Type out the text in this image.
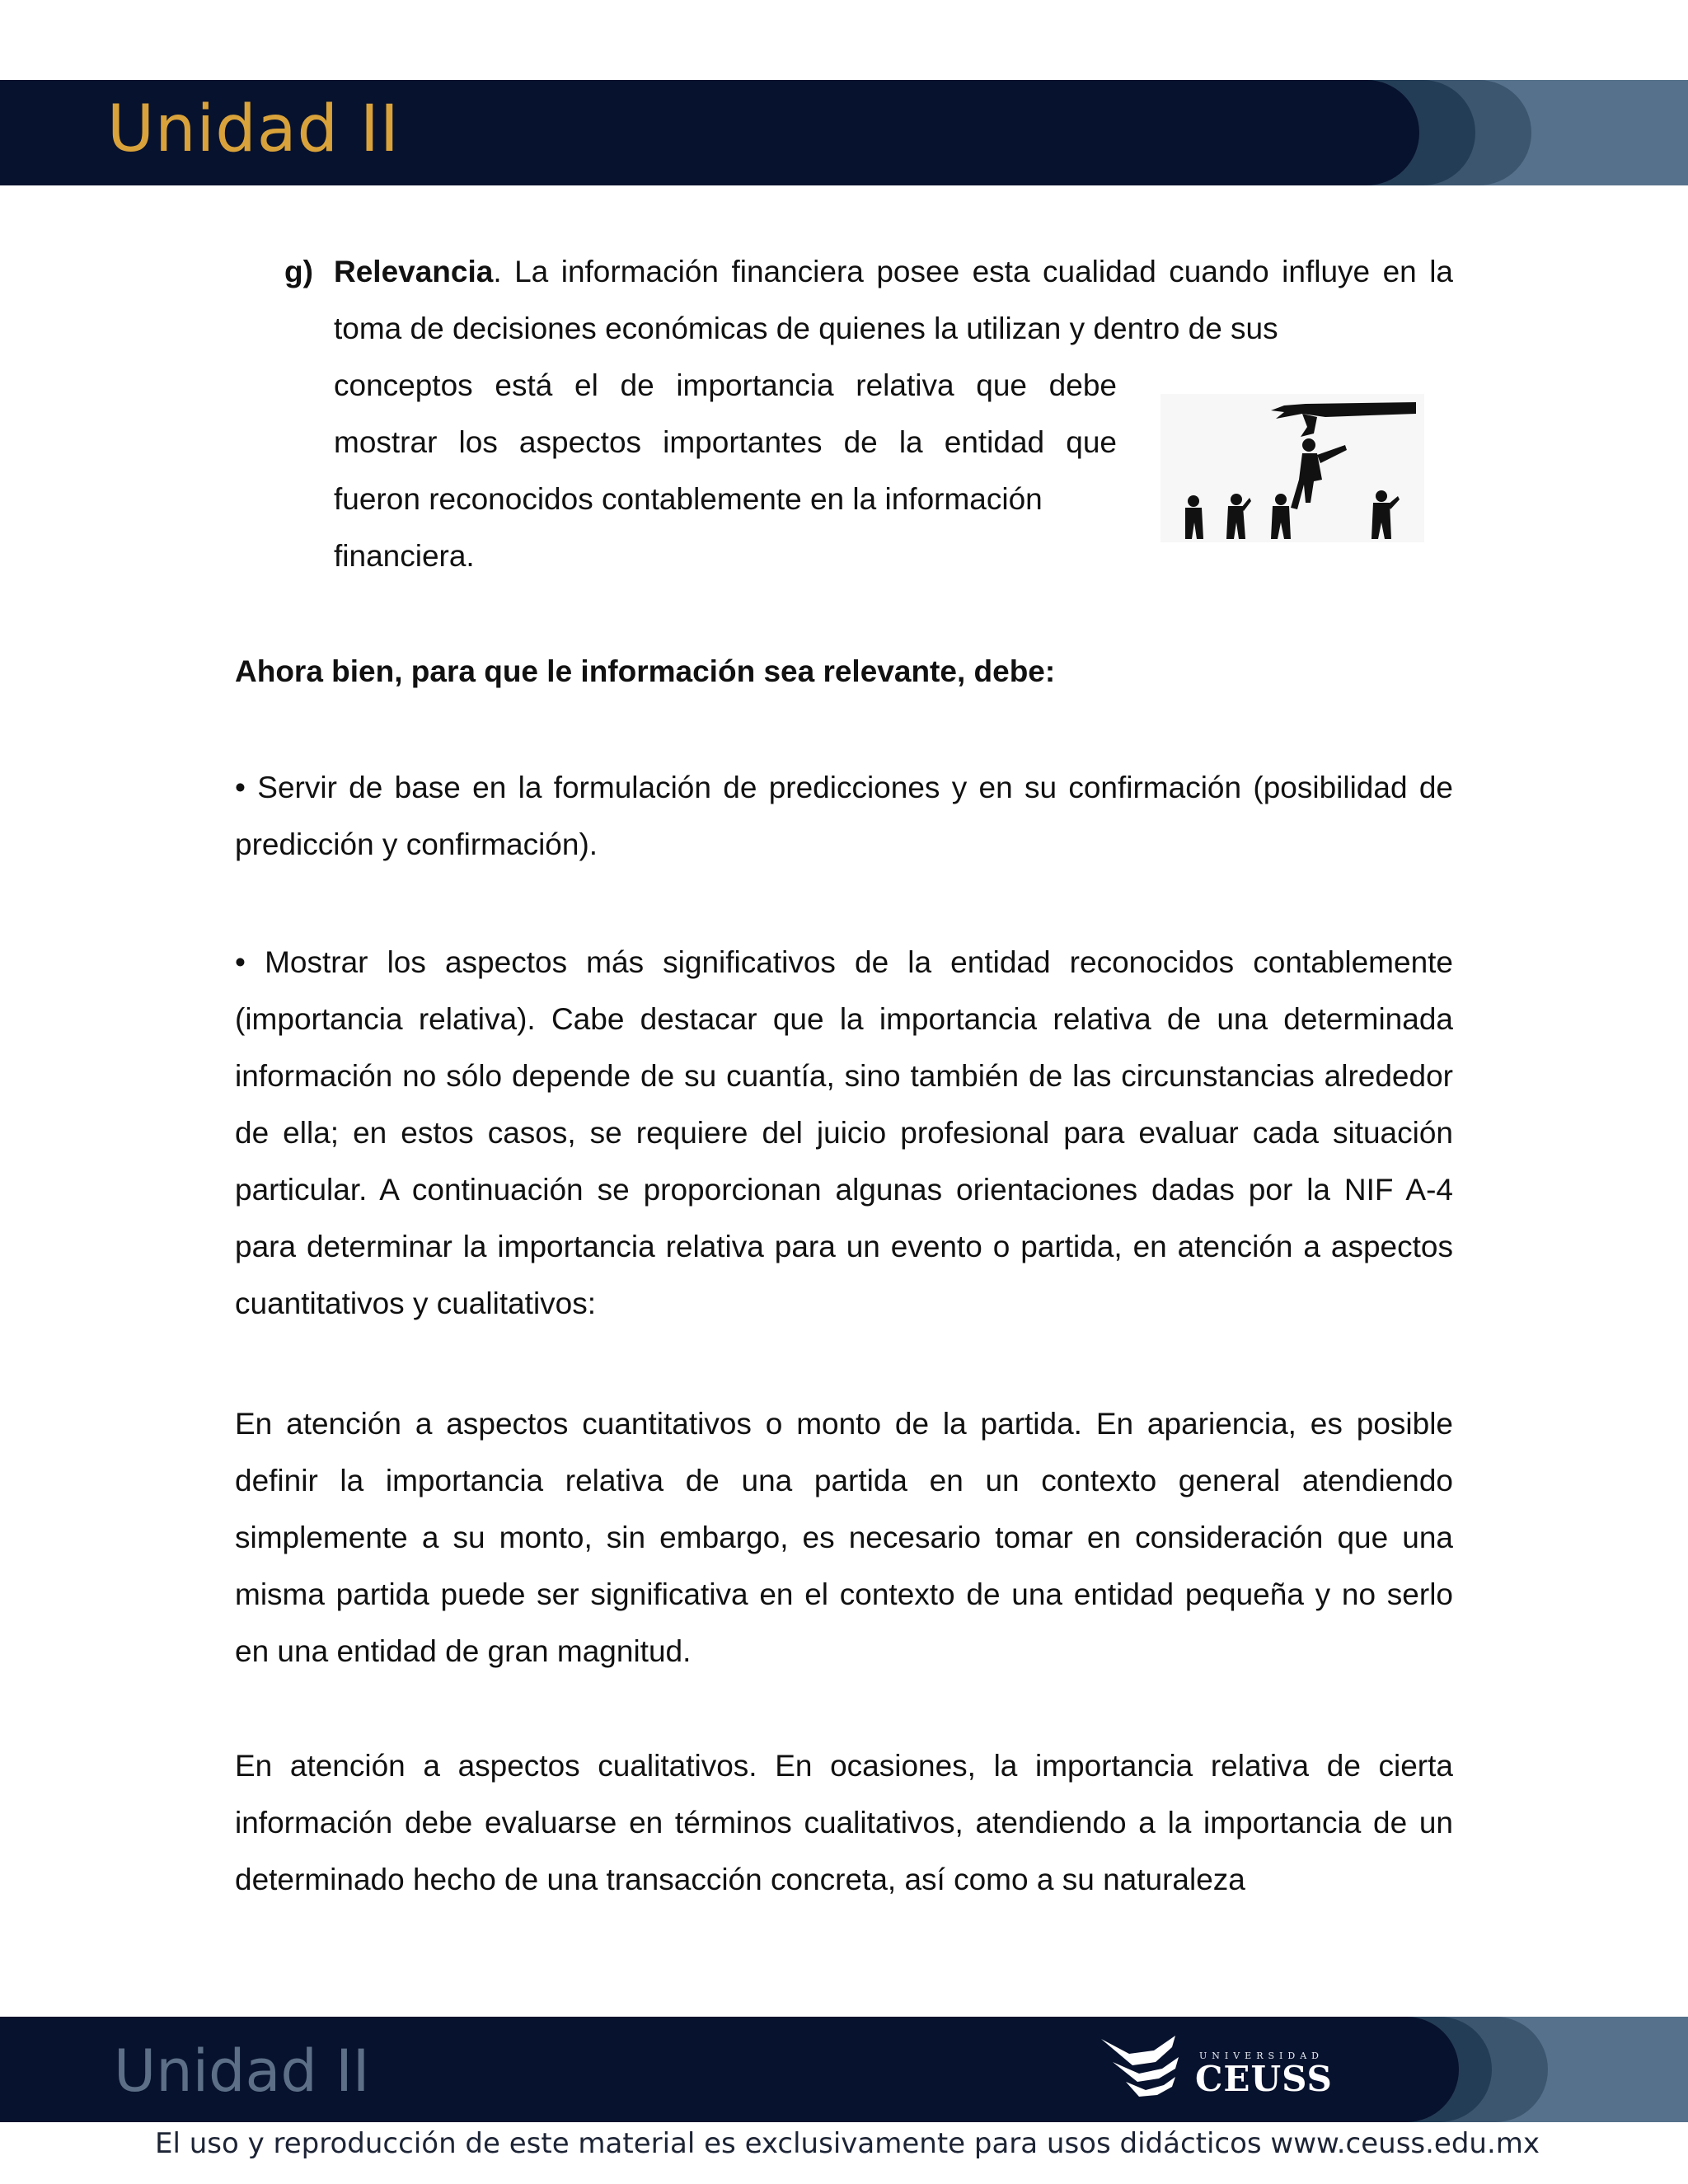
Unidad II
g) Relevancia. La información financiera posee esta cualidad cuando influye en la toma de decisiones económicas de quienes la utilizan y dentro de sus
conceptos está el de importancia relativa que debe mostrar los aspectos importantes de la entidad que fueron reconocidos contablemente en la información
financiera.
Ahora bien, para que le información sea relevante, debe:
• Servir de base en la formulación de predicciones y en su confirmación (posibilidad de predicción y confirmación).
• Mostrar los aspectos más significativos de la entidad reconocidos contablemente (importancia relativa). Cabe destacar que la importancia relativa de una determinada información no sólo depende de su cuantía, sino también de las circunstancias alrededor de ella; en estos casos, se requiere del juicio profesional para evaluar cada situación particular. A continuación se proporcionan algunas orientaciones dadas por la NIF A-4 para determinar la importancia relativa para un evento o partida, en atención a aspectos cuantitativos y cualitativos:
En atención a aspectos cuantitativos o monto de la partida. En apariencia, es posible definir la importancia relativa de una partida en un contexto general atendiendo simplemente a su monto, sin embargo, es necesario tomar en consideración que una misma partida puede ser significativa en el contexto de una entidad pequeña y no serlo en una entidad de gran magnitud.
En atención a aspectos cualitativos. En ocasiones, la importancia relativa de cierta información debe evaluarse en términos cualitativos, atendiendo a la importancia de un determinado hecho de una transacción concreta, así como a su naturaleza
Unidad II	UNIVERSIDAD
CEUSS
El uso y reproducción de este material es exclusivamente para usos didácticos www.ceuss.edu.mx
